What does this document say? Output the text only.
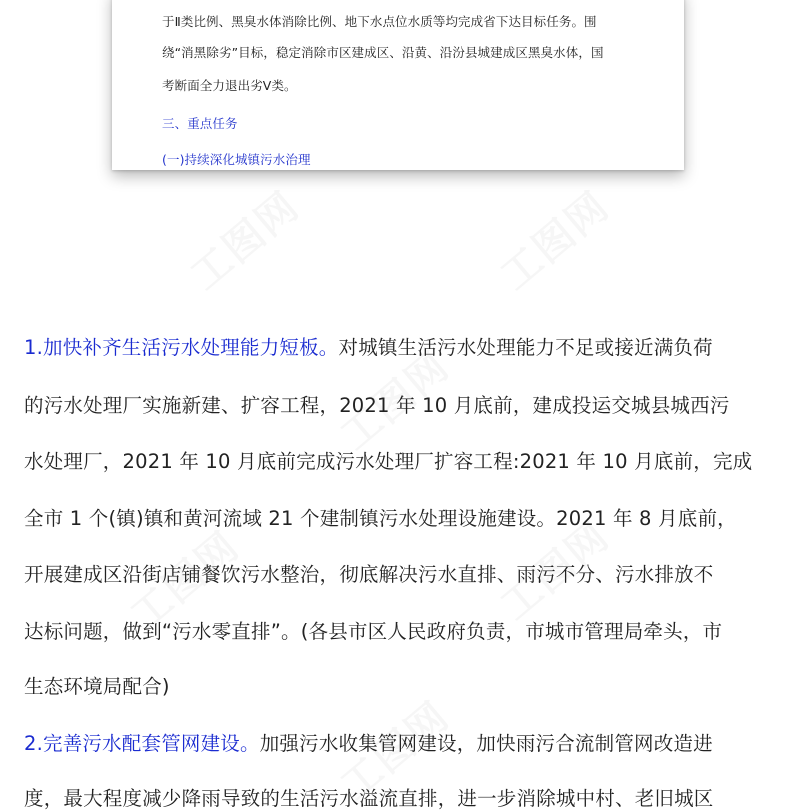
于Ⅱ类比例、黑臭水体消除比例、地下水点位水质等均完成省下达目标任务。围
绕“消黑除劣”目标，稳定消除市区建成区、沿黄、沿汾县城建成区黑臭水体，国
考断面全力退出劣Ⅴ类。
三、重点任务
(一)持续深化城镇污水治理
1.加快补齐生活污水处理能力短板。对城镇生活污水处理能力不足或接近满负荷
的污水处理厂实施新建、扩容工程，2021 年 10 月底前，建成投运交城县城西污
水处理厂，2021 年 10 月底前完成污水处理厂扩容工程:2021 年 10 月底前，完成
全市 1 个(镇)镇和黄河流域 21 个建制镇污水处理设施建设。2021 年 8 月底前，
开展建成区沿街店铺餐饮污水整治，彻底解决污水直排、雨污不分、污水排放不
达标问题，做到“污水零直排”。(各县市区人民政府负责，市城市管理局牵头，市
生态环境局配合)
2.完善污水配套管网建设。加强污水收集管网建设，加快雨污合流制管网改造进
度，最大程度减少降雨导致的生活污水溢流直排，进一步消除城中村、老旧城区
